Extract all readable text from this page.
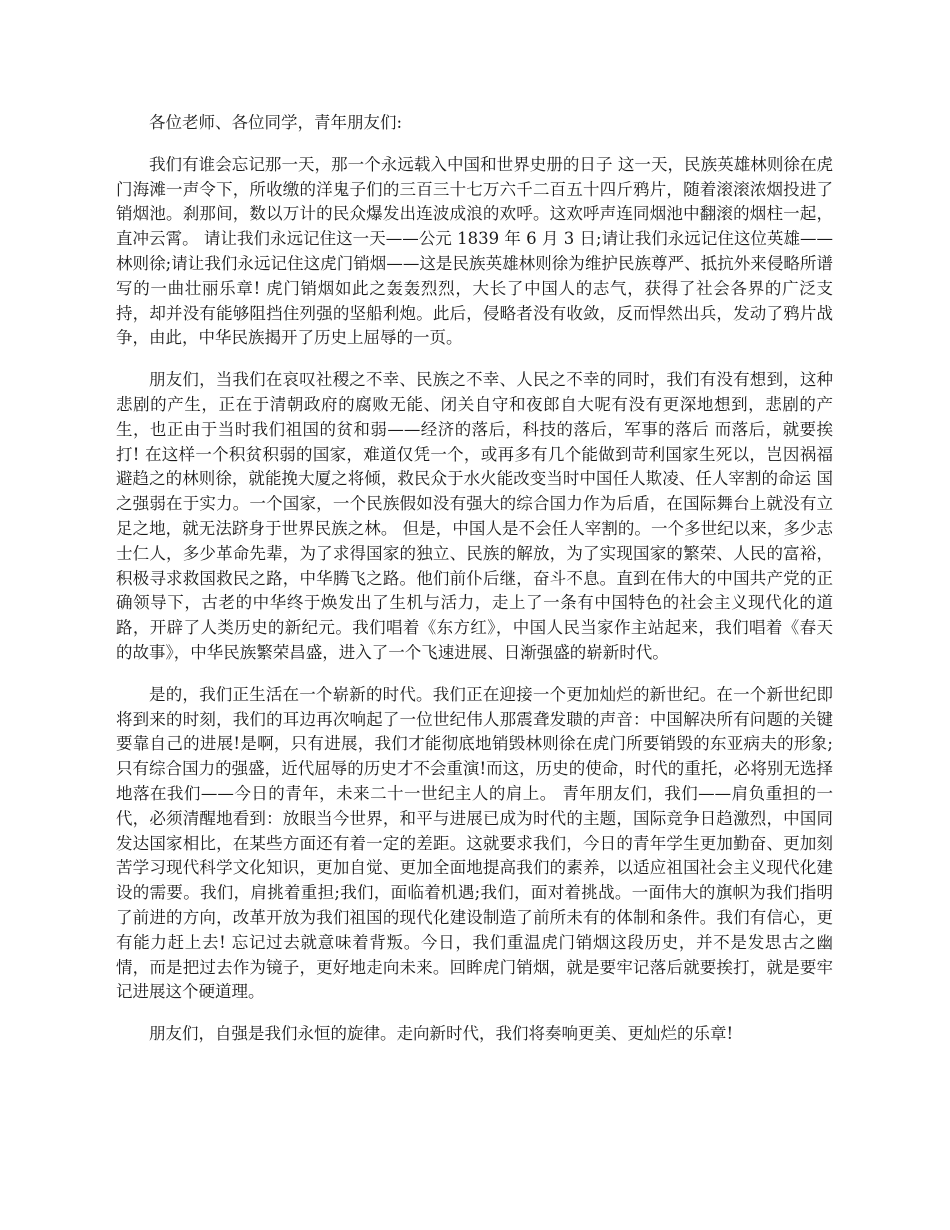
各位老师、各位同学，青年朋友们:

我们有谁会忘记那一天，那一个永远载入中国和世界史册的日子 这一天，民族英雄林则徐在虎门海滩一声令下，所收缴的洋鬼子们的三百三十七万六千二百五十四斤鸦片，随着滚滚浓烟投进了销烟池。刹那间，数以万计的民众爆发出连波成浪的欢呼。这欢呼声连同烟池中翻滚的烟柱一起，直冲云霄。 请让我们永远记住这一天——公元 1839 年 6 月 3 日;请让我们永远记住这位英雄——林则徐;请让我们永远记住这虎门销烟——这是民族英雄林则徐为维护民族尊严、抵抗外来侵略所谱写的一曲壮丽乐章! 虎门销烟如此之轰轰烈烈，大长了中国人的志气，获得了社会各界的广泛支持，却并没有能够阻挡住列强的坚船利炮。此后，侵略者没有收敛，反而悍然出兵，发动了鸦片战争，由此，中华民族揭开了历史上屈辱的一页。

朋友们，当我们在哀叹社稷之不幸、民族之不幸、人民之不幸的同时，我们有没有想到，这种悲剧的产生，正在于清朝政府的腐败无能、闭关自守和夜郎自大呢有没有更深地想到，悲剧的产生，也正由于当时我们祖国的贫和弱——经济的落后，科技的落后，军事的落后 而落后，就要挨打! 在这样一个积贫积弱的国家，难道仅凭一个，或再多有几个能做到苛利国家生死以，岂因祸福避趋之的林则徐，就能挽大厦之将倾，救民众于水火能改变当时中国任人欺凌、任人宰割的命运 国之强弱在于实力。一个国家，一个民族假如没有强大的综合国力作为后盾，在国际舞台上就没有立足之地，就无法跻身于世界民族之林。 但是，中国人是不会任人宰割的。一个多世纪以来，多少志士仁人，多少革命先辈，为了求得国家的独立、民族的解放，为了实现国家的繁荣、人民的富裕，积极寻求救国救民之路，中华腾飞之路。他们前仆后继，奋斗不息。直到在伟大的中国共产党的正确领导下，古老的中华终于焕发出了生机与活力，走上了一条有中国特色的社会主义现代化的道路，开辟了人类历史的新纪元。我们唱着《东方红》，中国人民当家作主站起来，我们唱着《春天的故事》，中华民族繁荣昌盛，进入了一个飞速进展、日渐强盛的崭新时代。

是的，我们正生活在一个崭新的时代。我们正在迎接一个更加灿烂的新世纪。在一个新世纪即将到来的时刻，我们的耳边再次响起了一位世纪伟人那震聋发聩的声音：中国解决所有问题的关键要靠自己的进展!是啊，只有进展，我们才能彻底地销毁林则徐在虎门所要销毁的东亚病夫的形象;只有综合国力的强盛，近代屈辱的历史才不会重演!而这，历史的使命，时代的重托，必将别无选择地落在我们——今日的青年，未来二十一世纪主人的肩上。 青年朋友们，我们——肩负重担的一代，必须清醒地看到：放眼当今世界，和平与进展已成为时代的主题，国际竞争日趋激烈，中国同发达国家相比，在某些方面还有着一定的差距。这就要求我们，今日的青年学生更加勤奋、更加刻苦学习现代科学文化知识，更加自觉、更加全面地提高我们的素养，以适应祖国社会主义现代化建设的需要。我们，肩挑着重担;我们，面临着机遇;我们，面对着挑战。一面伟大的旗帜为我们指明了前进的方向，改革开放为我们祖国的现代化建设制造了前所未有的体制和条件。我们有信心，更有能力赶上去! 忘记过去就意味着背叛。今日，我们重温虎门销烟这段历史，并不是发思古之幽情，而是把过去作为镜子，更好地走向未来。回眸虎门销烟，就是要牢记落后就要挨打，就是要牢记进展这个硬道理。

朋友们，自强是我们永恒的旋律。走向新时代，我们将奏响更美、更灿烂的乐章!
